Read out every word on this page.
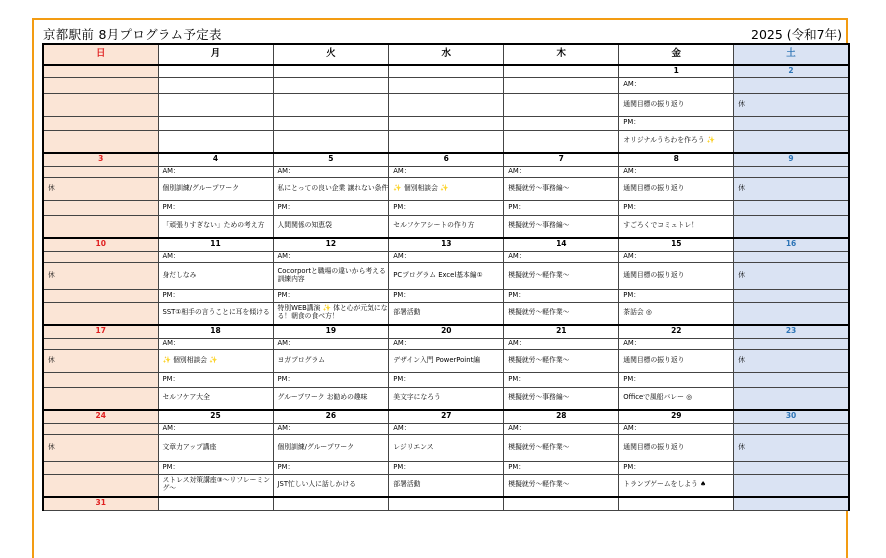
京都駅前 8月プログラム予定表	2025 (令和7年)
日	月	火	水	木	金	土
					1	2
					AM：	
					通関目標の振り返り	休
					PM：	
					オリジナルうちわを作ろう ✨	
3	4	5	6	7	8	9
	AM：	AM：	AM：	AM：	AM：	
休	個別訓練/グループワーク	私にとっての良い企業 譲れない条件	✨ 個別相談会 ✨	模擬就労～事務編～	通関目標の振り返り	休
	PM：	PM：	PM：	PM：	PM：	
	「頑張りすぎない」ための考え方	人間関係の知恵袋	セルフケアシートの作り方	模擬就労～事務編～	すごろくでコミュトレ！	
10	11	12	13	14	15	16
	AM：	AM：	AM：	AM：	AM：	
休	身だしなみ	Cocorportと職場の違いから考える訓練内容	PCプログラム Excel基本編①	模擬就労～軽作業～	通関目標の振り返り	休
	PM：	PM：	PM：	PM：	PM：	
	SST①相手の言うことに耳を傾ける	特別WEB講演 ✨ 体と心が元気になる！朝食の食べ方！	部署活動	模擬就労～軽作業～	茶話会 ◎	
17	18	19	20	21	22	23
	AM：	AM：	AM：	AM：	AM：	
休	✨ 個別相談会 ✨	ヨガプログラム	デザイン入門 PowerPoint編	模擬就労～軽作業～	通関目標の振り返り	休
	PM：	PM：	PM：	PM：	PM：	
	セルフケア大全	グループワーク お勧めの趣味	美文字になろう	模擬就労～事務編～	Officeで風船バレー ◎	
24	25	26	27	28	29	30
	AM：	AM：	AM：	AM：	AM：	
休	文章力アップ講座	個別訓練/グループワーク	レジリエンス	模擬就労～軽作業～	通関目標の振り返り	休
	PM：	PM：	PM：	PM：	PM：	
	ストレス対策講座③～リフレーミング～	JST忙しい人に話しかける	部署活動	模擬就労～軽作業～	トランプゲームをしよう ♠	
31						
